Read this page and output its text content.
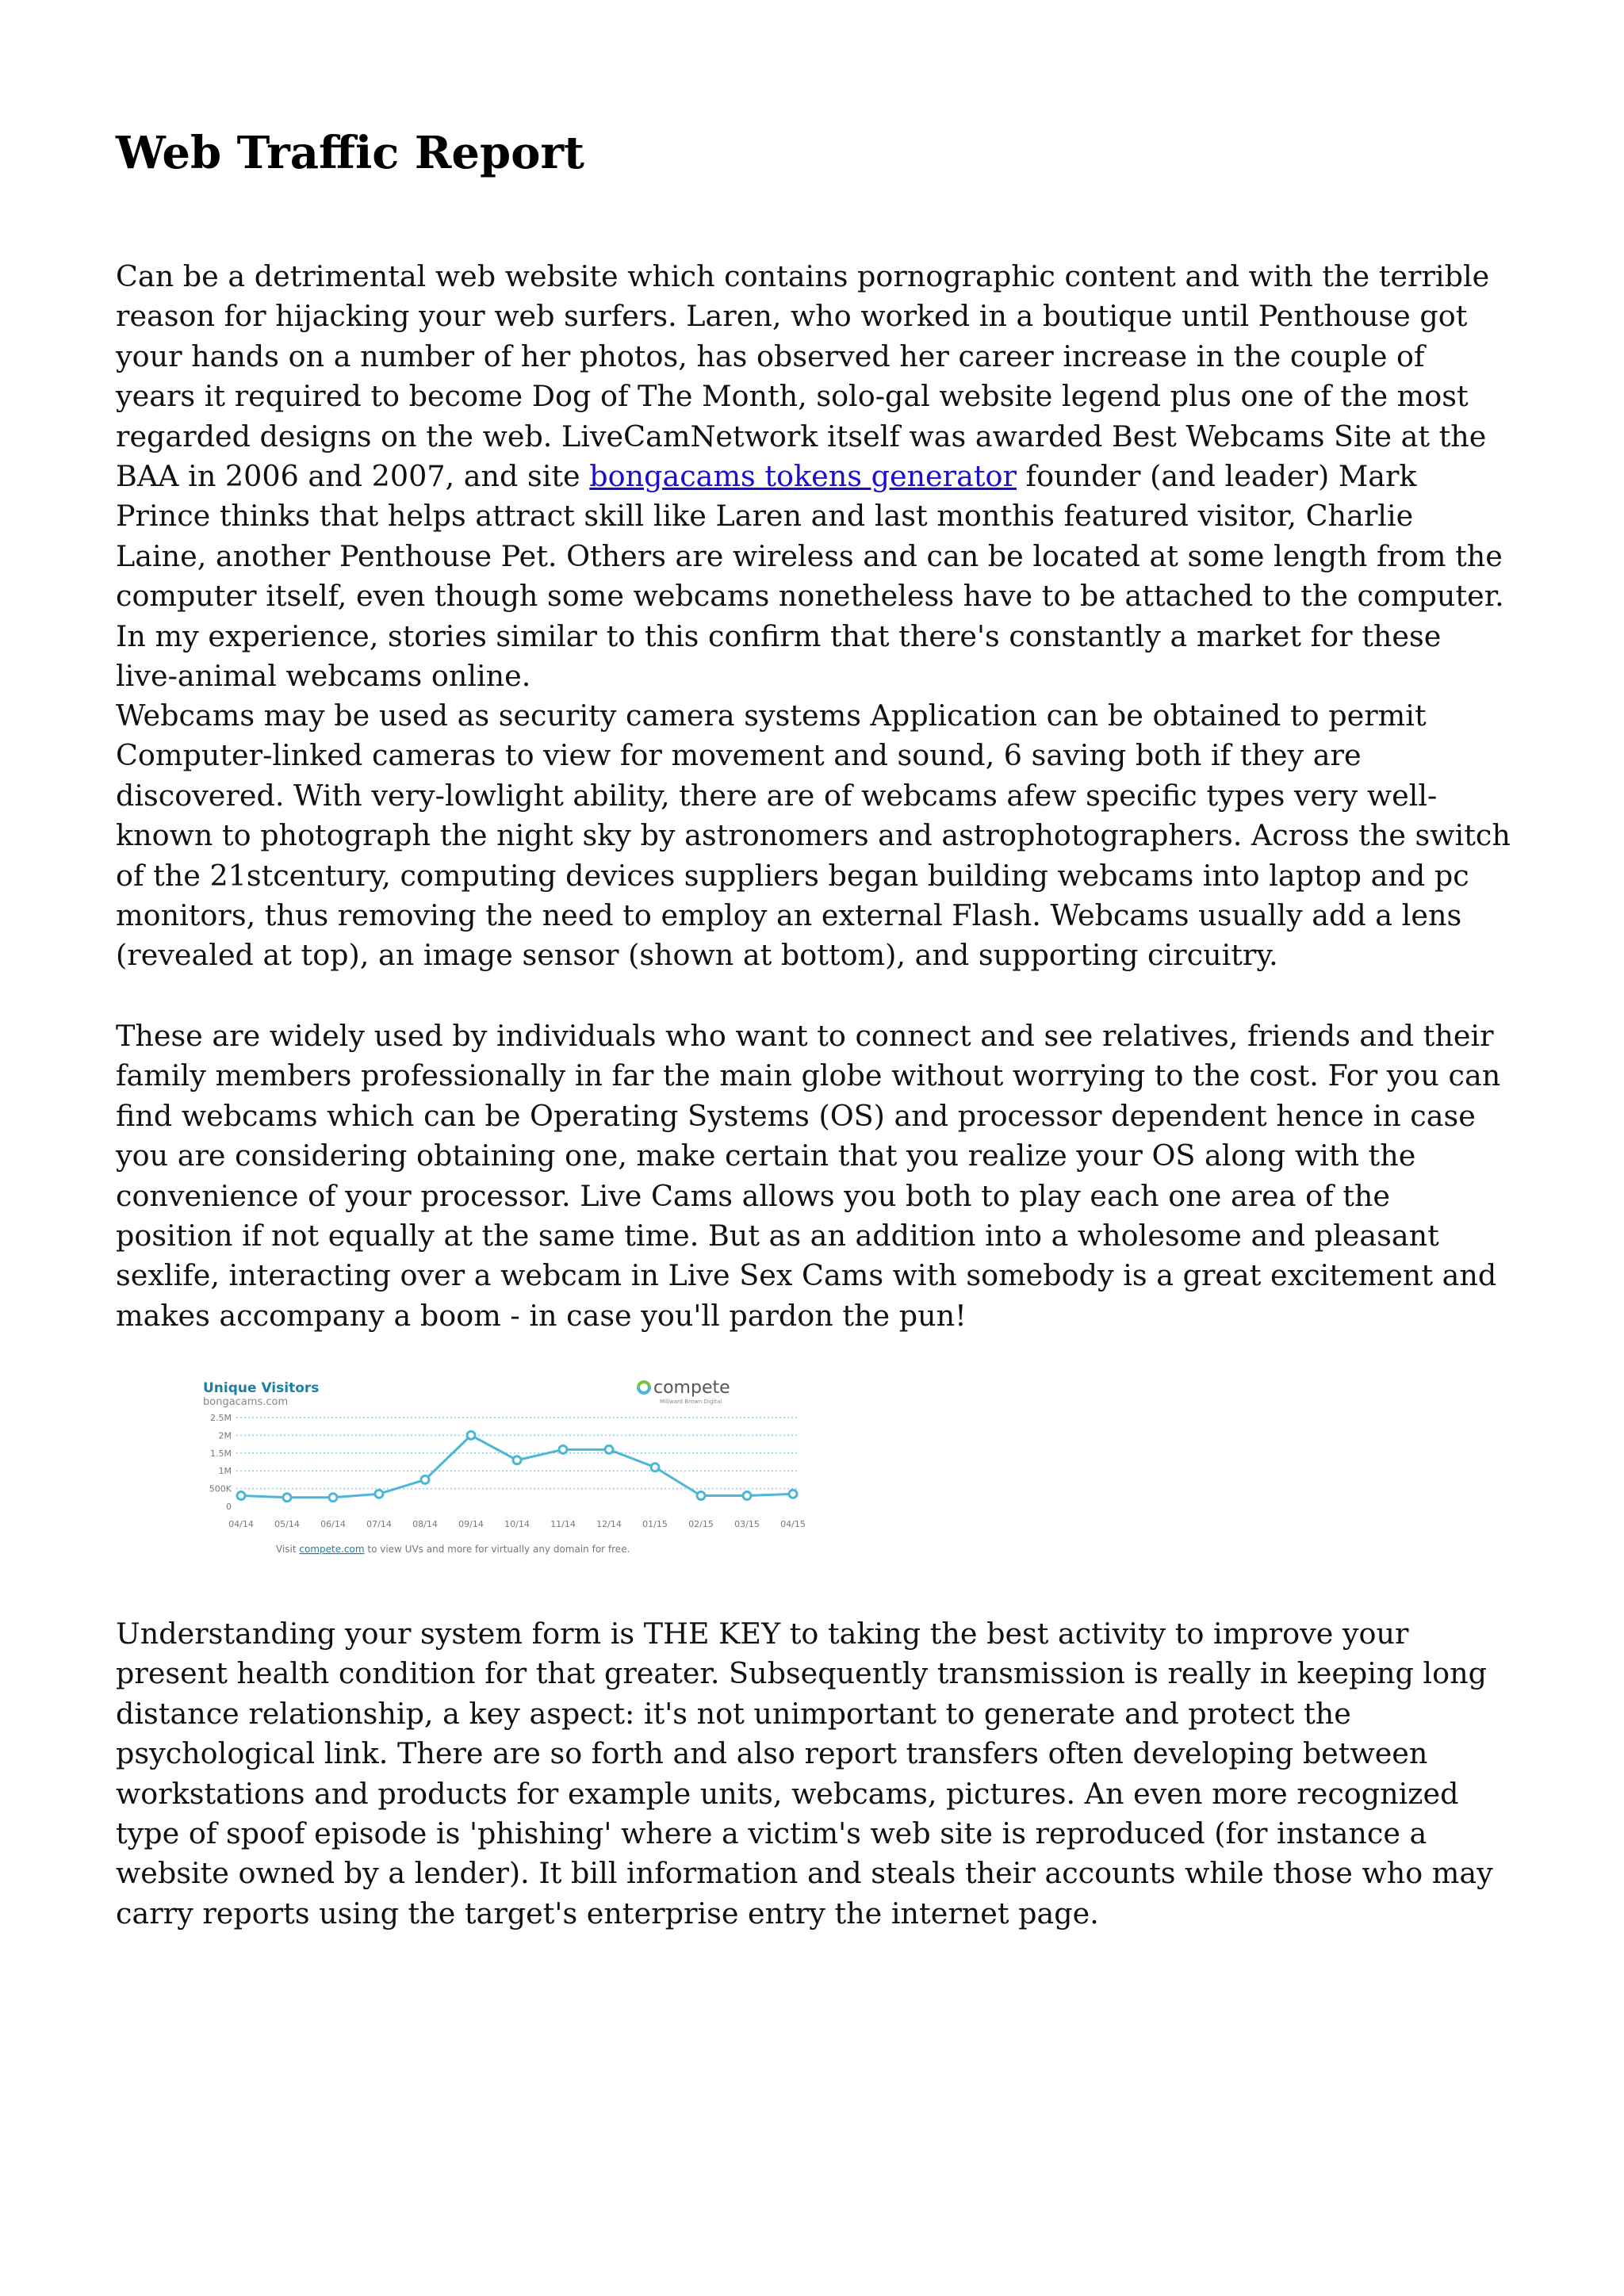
Web Traffic Report

Can be a detrimental web website which contains pornographic content and with the terrible reason for hijacking your web surfers. Laren, who worked in a boutique until Penthouse got your hands on a number of her photos, has observed her career increase in the couple of years it required to become Dog of The Month, solo-gal website legend plus one of the most regarded designs on the web. LiveCamNetwork itself was awarded Best Webcams Site at the BAA in 2006 and 2007, and site bongacams tokens generator founder (and leader) Mark Prince thinks that helps attract skill like Laren and last monthis featured visitor, Charlie Laine, another Penthouse Pet. Others are wireless and can be located at some length from the computer itself, even though some webcams nonetheless have to be attached to the computer. In my experience, stories similar to this confirm that there's constantly a market for these live-animal webcams online.

Webcams may be used as security camera systems Application can be obtained to permit Computer-linked cameras to view for movement and sound, 6 saving both if they are discovered. With very-lowlight ability, there are of webcams afew specific types very well-known to photograph the night sky by astronomers and astrophotographers. Across the switch of the 21stcentury, computing devices suppliers began building webcams into laptop and pc monitors, thus removing the need to employ an external Flash. Webcams usually add a lens (revealed at top), an image sensor (shown at bottom), and supporting circuitry.

These are widely used by individuals who want to connect and see relatives, friends and their family members professionally in far the main globe without worrying to the cost. For you can find webcams which can be Operating Systems (OS) and processor dependent hence in case you are considering obtaining one, make certain that you realize your OS along with the convenience of your processor. Live Cams allows you both to play each one area of the position if not equally at the same time. But as an addition into a wholesome and pleasant sexlife, interacting over a webcam in Live Sex Cams with somebody is a great excitement and makes accompany a boom - in case you'll pardon the pun!

Unique Visitors
bongacams.com
compete
Millward Brown Digital
0
500K
1M
1.5M
2M
2.5M
04/14 05/14 06/14 07/14 08/14 09/14 10/14 11/14 12/14 01/15 02/15 03/15 04/15
Visit compete.com to view UVs and more for virtually any domain for free.

Understanding your system form is THE KEY to taking the best activity to improve your present health condition for that greater. Subsequently transmission is really in keeping long distance relationship, a key aspect: it's not unimportant to generate and protect the psychological link. There are so forth and also report transfers often developing between workstations and products for example units, webcams, pictures. An even more recognized type of spoof episode is 'phishing' where a victim's web site is reproduced (for instance a website owned by a lender). It bill information and steals their accounts while those who may carry reports using the target's enterprise entry the internet page.
